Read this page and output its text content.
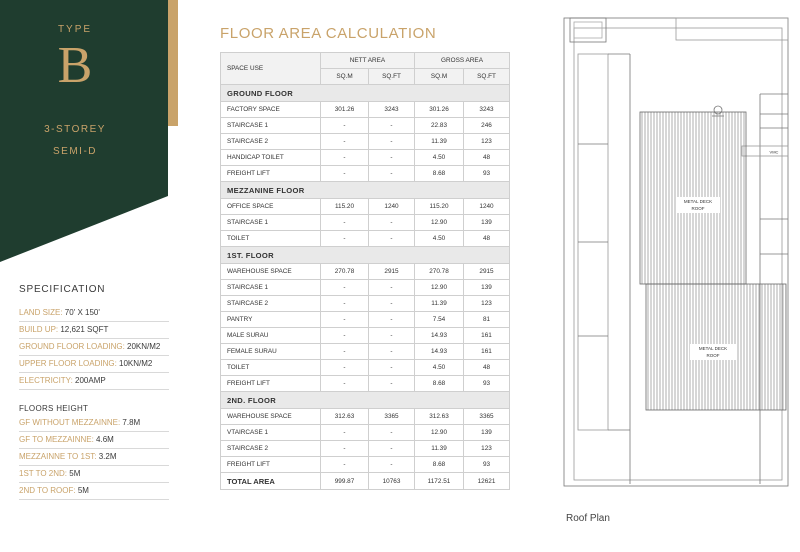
TYPE
B
3-STOREY
SEMI-D
SPECIFICATION
LAND SIZE: 70' X 150'
BUILD UP: 12,621 SQFT
GROUND FLOOR LOADING: 20KN/M2
UPPER FLOOR LOADING: 10KN/M2
ELECTRICITY: 200AMP
FLOORS HEIGHT
GF WITHOUT MEZZAINNE: 7.8M
GF TO MEZZAINNE: 4.6M
MEZZAINNE TO 1ST: 3.2M
1ST TO 2ND: 5M
2ND TO ROOF: 5M
FLOOR AREA CALCULATION
SPACE USE	NETT AREA		GROSS AREA	
	SQ.M	SQ.FT	SQ.M	SQ.FT
GROUND FLOOR				
FACTORY SPACE	301.26	3243	301.26	3243
STAIRCASE 1	-	-	22.83	246
STAIRCASE 2	-	-	11.39	123
HANDICAP TOILET	-	-	4.50	48
FREIGHT LIFT	-	-	8.68	93
MEZZANINE FLOOR				
OFFICE SPACE	115.20	1240	115.20	1240
STAIRCASE 1	-	-	12.90	139
TOILET	-	-	4.50	48
1ST. FLOOR				
WAREHOUSE SPACE	270.78	2915	270.78	2915
STAIRCASE 1	-	-	12.90	139
STAIRCASE 2	-	-	11.39	123
PANTRY	-	-	7.54	81
MALE SURAU	-	-	14.93	161
FEMALE SURAU	-	-	14.93	161
TOILET	-	-	4.50	48
FREIGHT LIFT	-	-	8.68	93
2ND. FLOOR				
WAREHOUSE SPACE	312.63	3365	312.63	3365
VTAIRCASE 1	-	-	12.90	139
STAIRCASE 2	-	-	11.39	123
FREIGHT LIFT	-	-	8.68	93
TOTAL AREA	999.87	10763	1172.51	12621
METAL DECK
ROOF
METAL DECK
ROOF
VMC
Roof Plan
